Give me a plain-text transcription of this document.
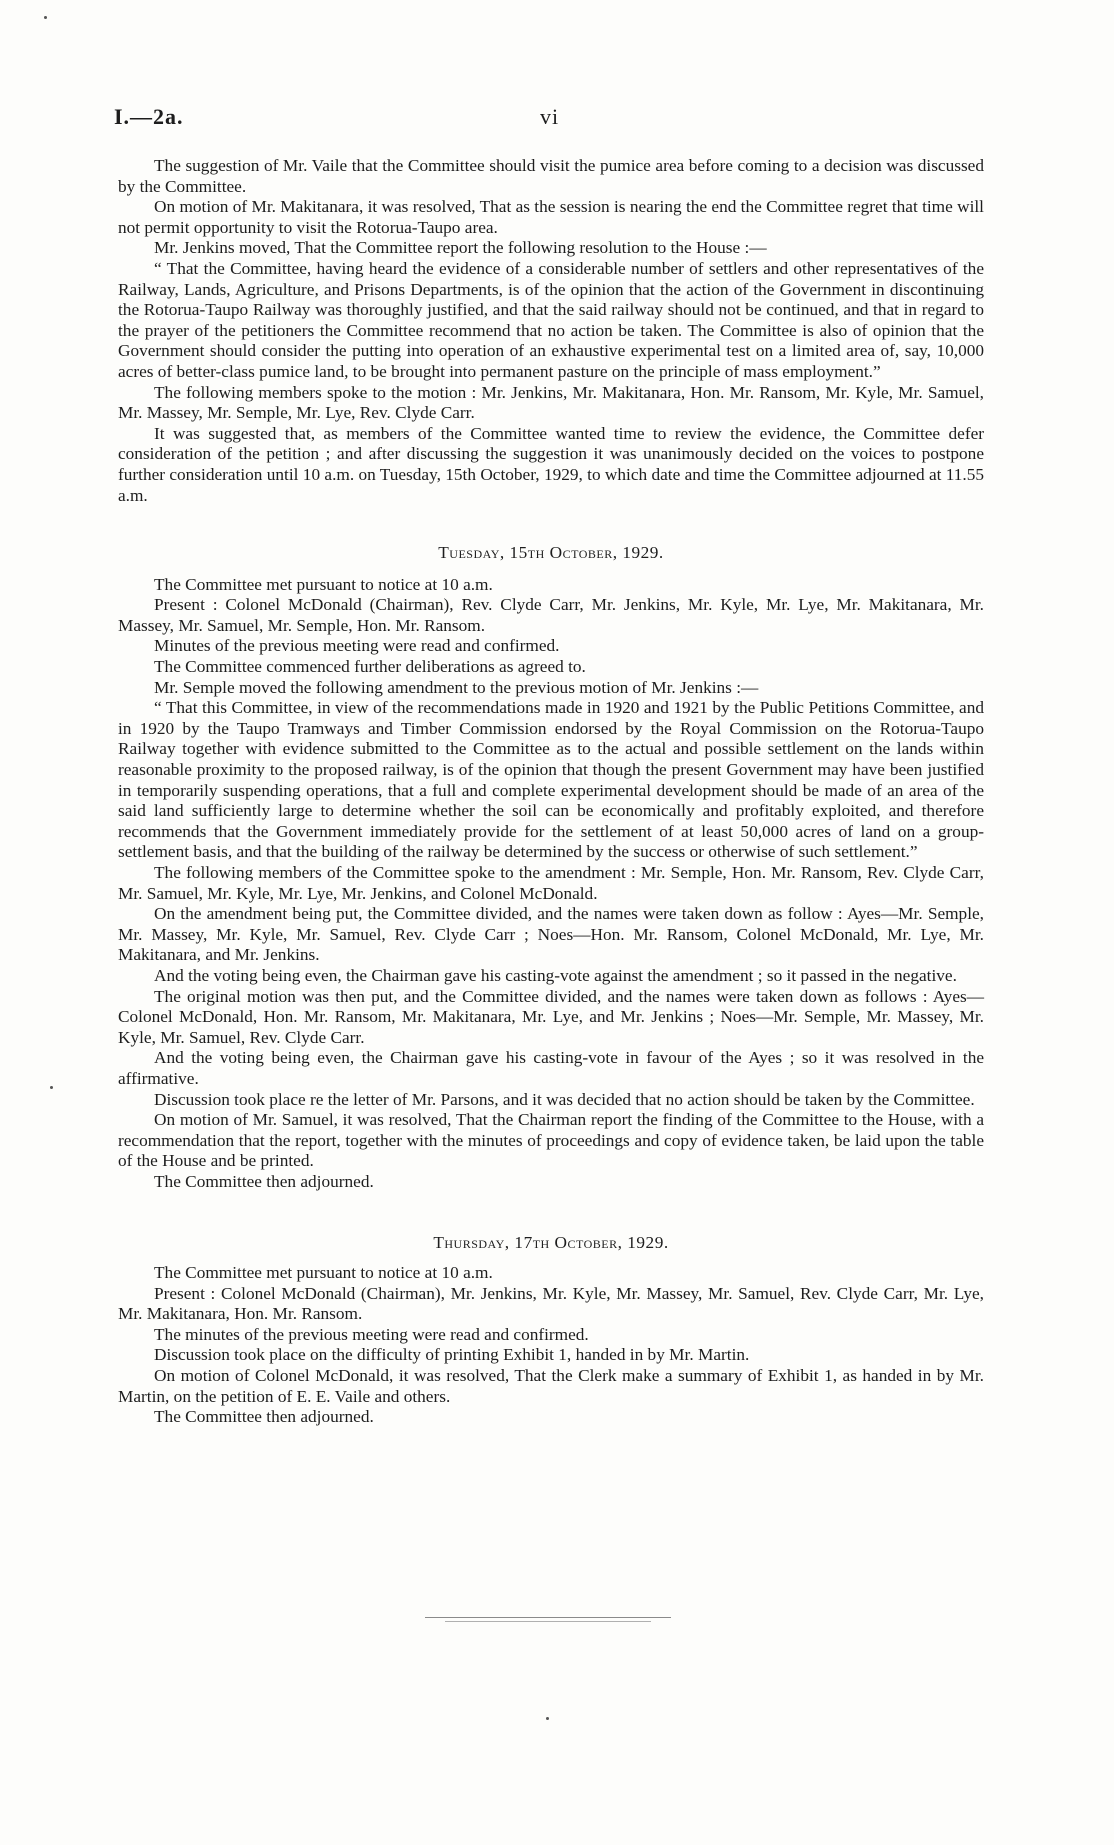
I.—2a.	vi

The suggestion of Mr. Vaile that the Committee should visit the pumice area before coming to a decision was discussed by the Committee.

On motion of Mr. Makitanara, it was resolved, That as the session is nearing the end the Committee regret that time will not permit opportunity to visit the Rotorua-Taupo area.

Mr. Jenkins moved, That the Committee report the following resolution to the House :—

“ That the Committee, having heard the evidence of a considerable number of settlers and other representatives of the Railway, Lands, Agriculture, and Prisons Departments, is of the opinion that the action of the Government in discontinuing the Rotorua-Taupo Railway was thoroughly justified, and that the said railway should not be continued, and that in regard to the prayer of the petitioners the Committee recommend that no action be taken. The Committee is also of opinion that the Government should consider the putting into operation of an exhaustive experimental test on a limited area of, say, 10,000 acres of better-class pumice land, to be brought into permanent pasture on the principle of mass employment.”

The following members spoke to the motion : Mr. Jenkins, Mr. Makitanara, Hon. Mr. Ransom, Mr. Kyle, Mr. Samuel, Mr. Massey, Mr. Semple, Mr. Lye, Rev. Clyde Carr.

It was suggested that, as members of the Committee wanted time to review the evidence, the Committee defer consideration of the petition ; and after discussing the suggestion it was unanimously decided on the voices to postpone further consideration until 10 a.m. on Tuesday, 15th October, 1929, to which date and time the Committee adjourned at 11.55 a.m.

Tuesday, 15th October, 1929.

The Committee met pursuant to notice at 10 a.m.

Present : Colonel McDonald (Chairman), Rev. Clyde Carr, Mr. Jenkins, Mr. Kyle, Mr. Lye, Mr. Makitanara, Mr. Massey, Mr. Samuel, Mr. Semple, Hon. Mr. Ransom.

Minutes of the previous meeting were read and confirmed.

The Committee commenced further deliberations as agreed to.

Mr. Semple moved the following amendment to the previous motion of Mr. Jenkins :—

“ That this Committee, in view of the recommendations made in 1920 and 1921 by the Public Petitions Committee, and in 1920 by the Taupo Tramways and Timber Commission endorsed by the Royal Commission on the Rotorua-Taupo Railway together with evidence submitted to the Committee as to the actual and possible settlement on the lands within reasonable proximity to the proposed railway, is of the opinion that though the present Government may have been justified in temporarily suspending operations, that a full and complete experimental development should be made of an area of the said land sufficiently large to determine whether the soil can be economically and profitably exploited, and therefore recommends that the Government immediately provide for the settlement of at least 50,000 acres of land on a group-settlement basis, and that the building of the railway be determined by the success or otherwise of such settlement.”

The following members of the Committee spoke to the amendment : Mr. Semple, Hon. Mr. Ransom, Rev. Clyde Carr, Mr. Samuel, Mr. Kyle, Mr. Lye, Mr. Jenkins, and Colonel McDonald.

On the amendment being put, the Committee divided, and the names were taken down as follow : Ayes—Mr. Semple, Mr. Massey, Mr. Kyle, Mr. Samuel, Rev. Clyde Carr ; Noes—Hon. Mr. Ransom, Colonel McDonald, Mr. Lye, Mr. Makitanara, and Mr. Jenkins.

And the voting being even, the Chairman gave his casting-vote against the amendment ; so it passed in the negative.

The original motion was then put, and the Committee divided, and the names were taken down as follows : Ayes—Colonel McDonald, Hon. Mr. Ransom, Mr. Makitanara, Mr. Lye, and Mr. Jenkins ; Noes—Mr. Semple, Mr. Massey, Mr. Kyle, Mr. Samuel, Rev. Clyde Carr.

And the voting being even, the Chairman gave his casting-vote in favour of the Ayes ; so it was resolved in the affirmative.

Discussion took place re the letter of Mr. Parsons, and it was decided that no action should be taken by the Committee.

On motion of Mr. Samuel, it was resolved, That the Chairman report the finding of the Committee to the House, with a recommendation that the report, together with the minutes of proceedings and copy of evidence taken, be laid upon the table of the House and be printed.

The Committee then adjourned.

Thursday, 17th October, 1929.

The Committee met pursuant to notice at 10 a.m.

Present : Colonel McDonald (Chairman), Mr. Jenkins, Mr. Kyle, Mr. Massey, Mr. Samuel, Rev. Clyde Carr, Mr. Lye, Mr. Makitanara, Hon. Mr. Ransom.

The minutes of the previous meeting were read and confirmed.

Discussion took place on the difficulty of printing Exhibit 1, handed in by Mr. Martin.

On motion of Colonel McDonald, it was resolved, That the Clerk make a summary of Exhibit 1, as handed in by Mr. Martin, on the petition of E. E. Vaile and others.

The Committee then adjourned.
